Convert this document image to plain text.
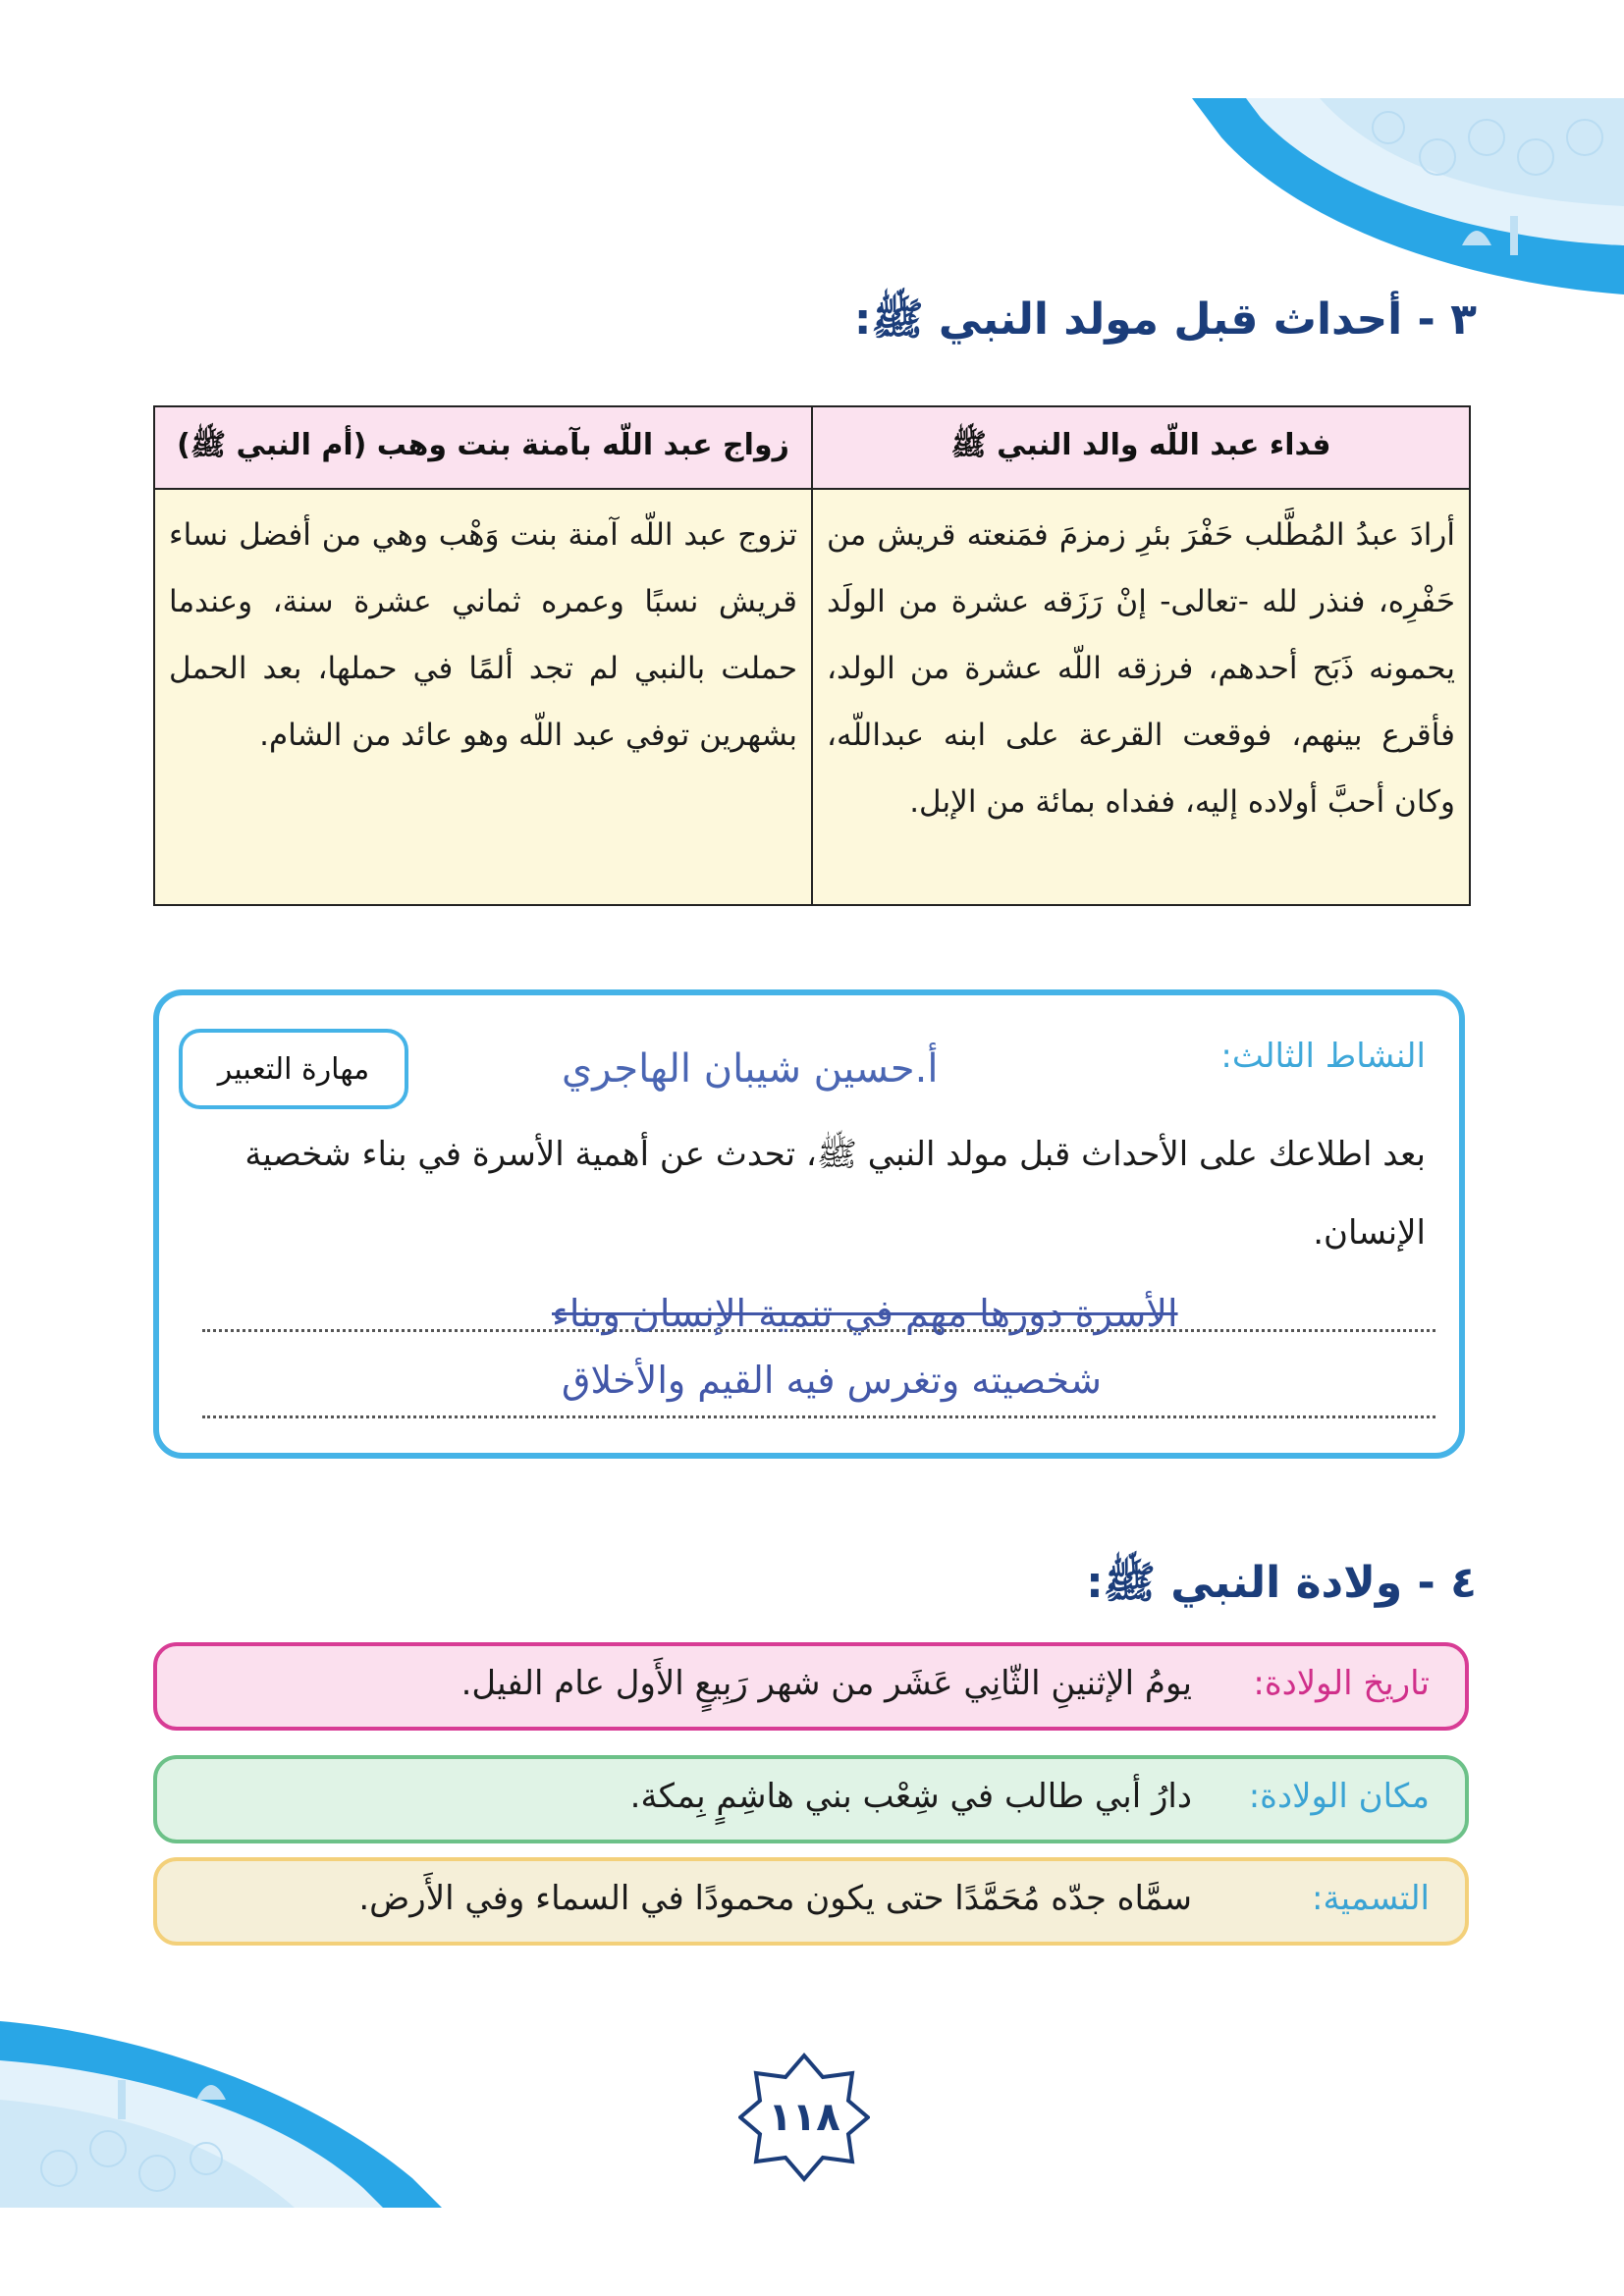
٣ - أحداث قبل مولد النبي ﷺ:
فداء عبد اللّه والد النبي ﷺ	زواج عبد اللّه بآمنة بنت وهب (أم النبي ﷺ)
أرادَ عبدُ المُطَّلب حَفْرَ بئرِ زمزمَ فمَنعته قريش من حَفْرِه، فنذر لله -تعالى- إنْ رَزَقه عشرة من الولَد يحمونه ذَبَح أحدهم، فرزقه اللّه عشرة من الولد، فأقرع بينهم، فوقعت القرعة على ابنه عبداللّه، وكان أحبَّ أولاده إليه، ففداه بمائة من الإبل.	تزوج عبد اللّه آمنة بنت وَهْب وهي من أفضل نساء قريش نسبًا وعمره ثماني عشرة سنة، وعندما حملت بالنبي لم تجد ألمًا في حملها، بعد الحمل بشهرين توفي عبد اللّه وهو عائد من الشام.
النشاط الثالث:
أ.حسين شيبان الهاجري
مهارة التعبير
بعد اطلاعك على الأحداث قبل مولد النبي ﷺ، تحدث عن أهمية الأسرة في بناء شخصية الإنسان.
الأسرة دورها مهم في تنمية الإنسان وبناء
شخصيته وتغرس فيه القيم والأخلاق
٤ - ولادة النبي ﷺ:
تاريخ الولادة:
يومُ الإثنينِ الثّانِي عَشَر من شهر رَبِيعٍ الأَول عام الفيل.
مكان الولادة:
دارُ أبي طالب في شِعْب بني هاشِمٍ بِمكة.
التسمية:
سمَّاه جدّه مُحَمَّدًا حتى يكون محمودًا في السماء وفي الأَرض.
١١٨
